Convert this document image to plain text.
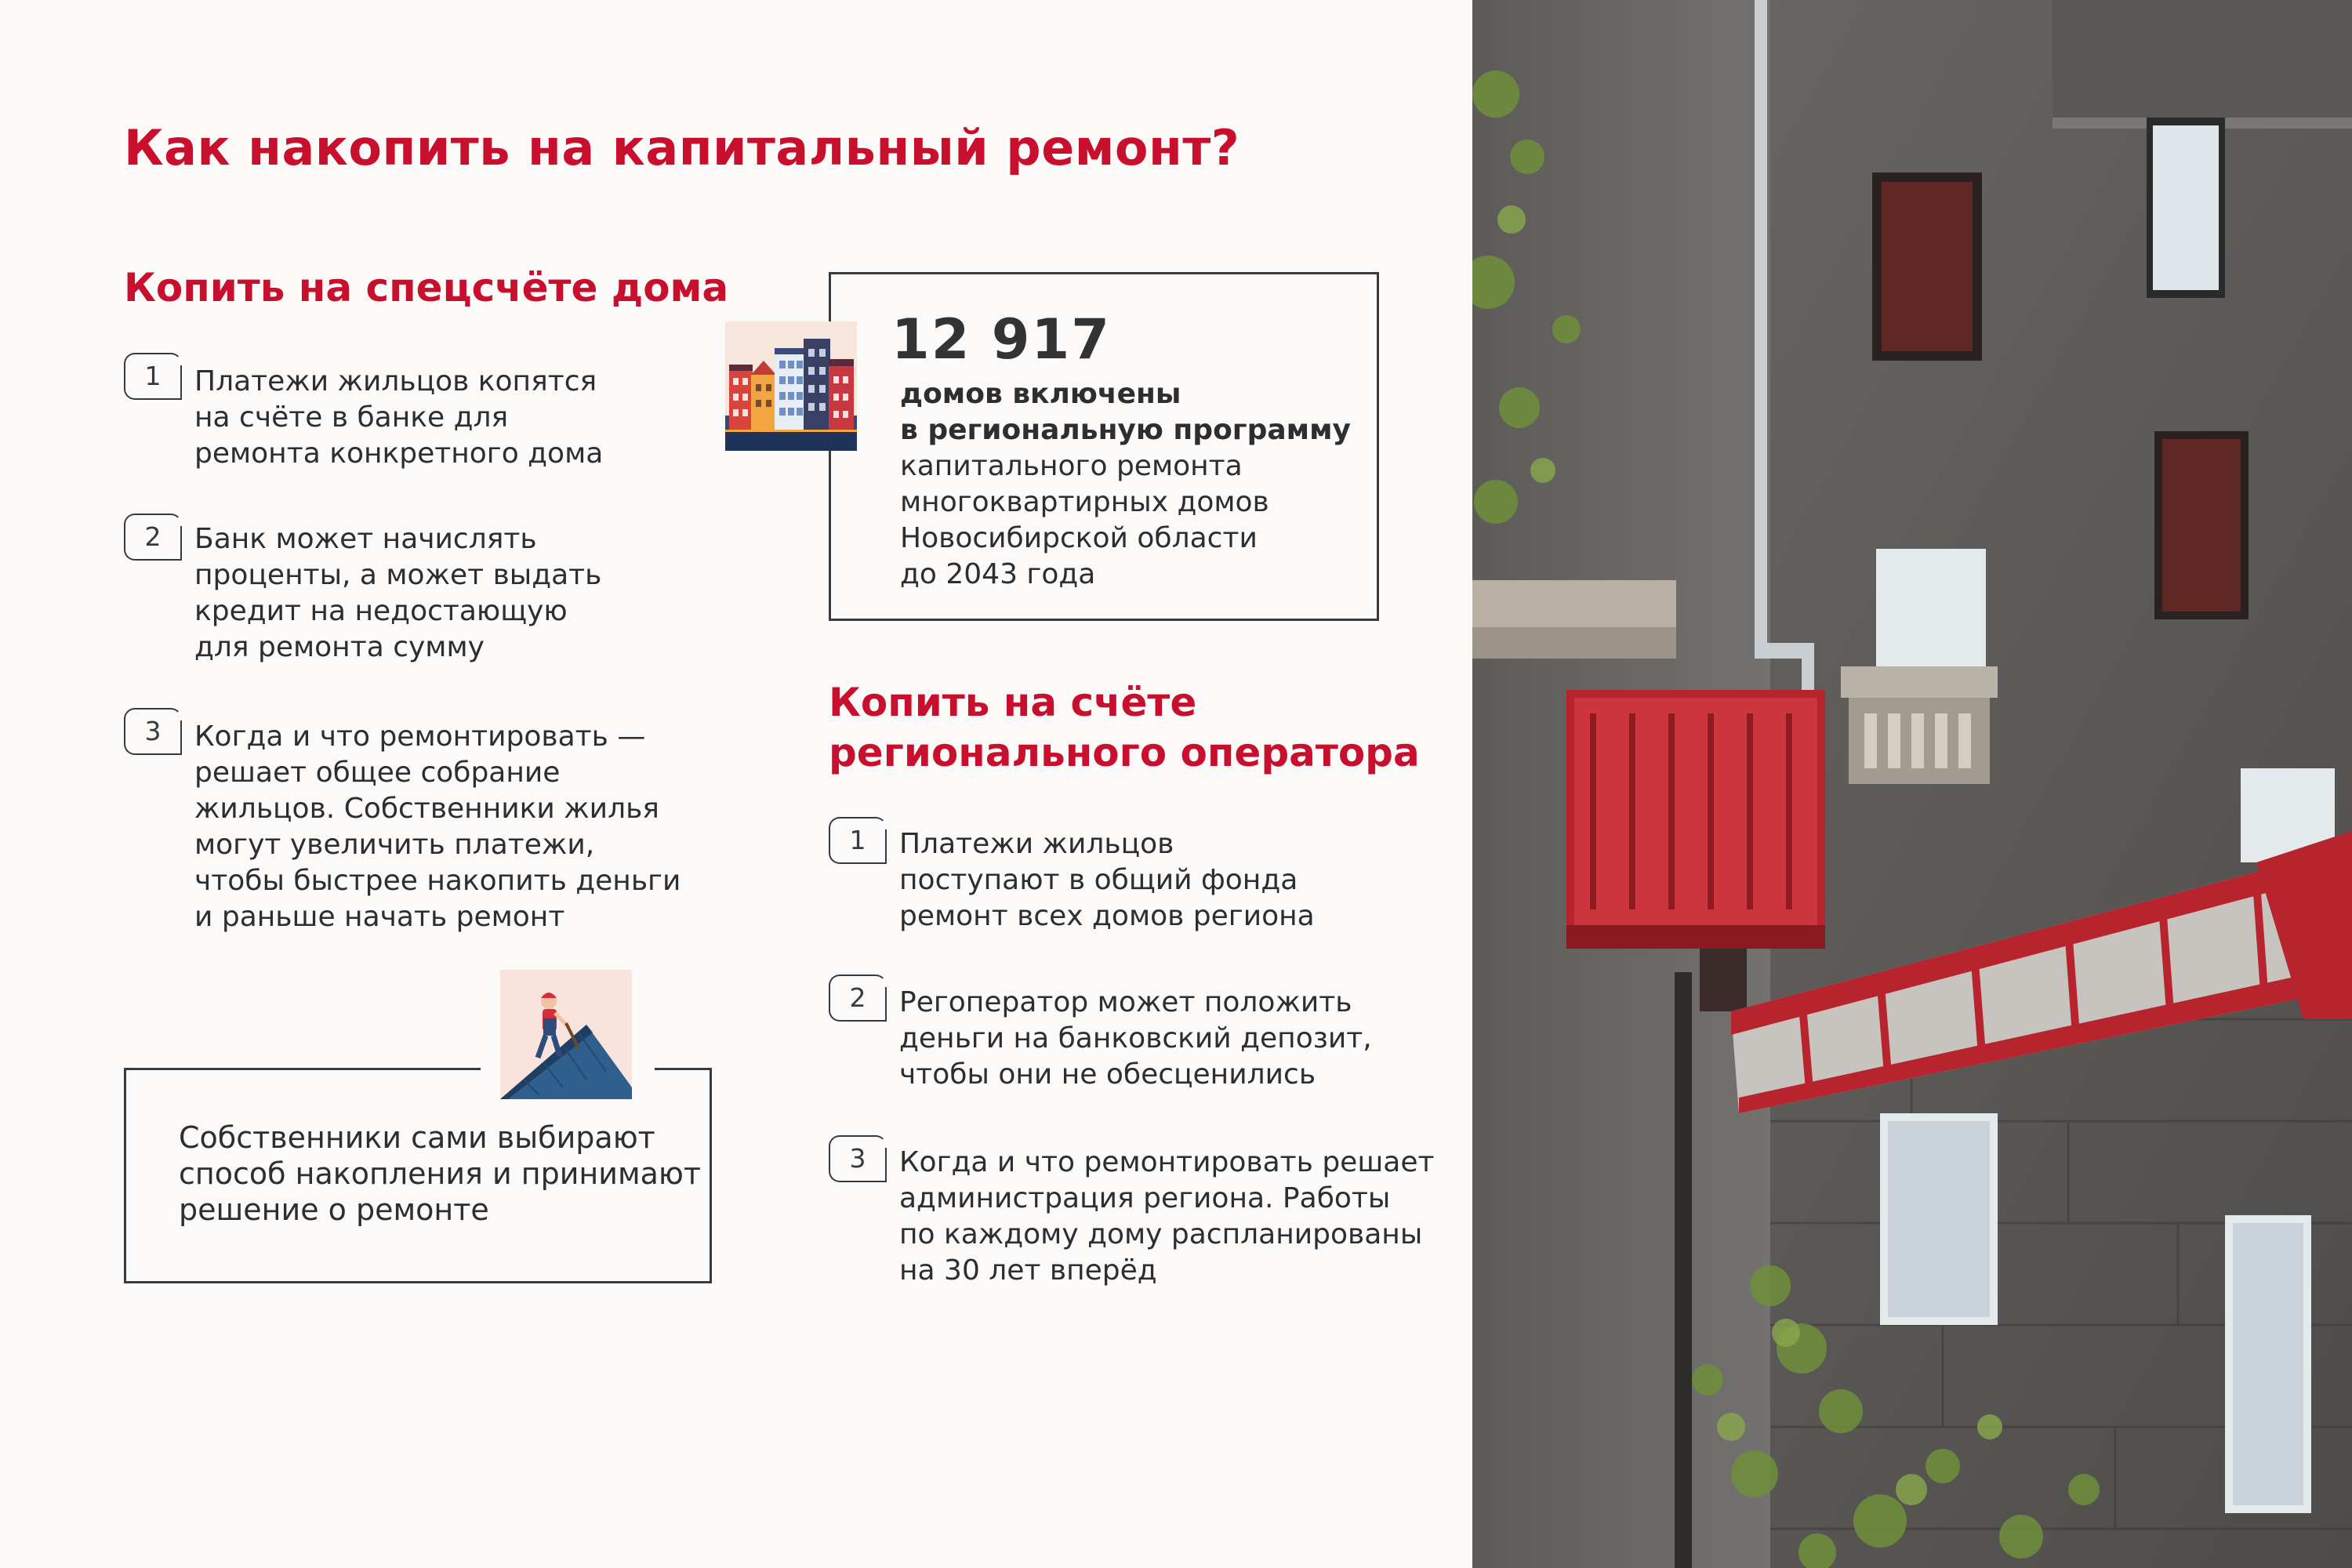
Как накопить на капитальный ремонт?
Копить на спецсчёте дома
1	Платежи жильцов копятся
на счёте в банке для
ремонта конкретного дома
2	Банк может начислять
проценты, а может выдать
кредит на недостающую
для ремонта сумму
3	Когда и что ремонтировать —
решает общее собрание
жильцов. Собственники жилья
могут увеличить платежи,
чтобы быстрее накопить деньги
и раньше начать ремонт
12 917
домов включены
в региональную программу
капитального ремонта
многоквартирных домов
Новосибирской области
до 2043 года
Копить на счёте
регионального оператора
1	Платежи жильцов
поступают в общий фонда
ремонт всех домов региона
2	Регоператор может положить
деньги на банковский депозит,
чтобы они не обесценились
3	Когда и что ремонтировать решает
администрация региона. Работы
по каждому дому распланированы
на 30 лет вперёд
Собственники сами выбирают
способ накопления и принимают
решение о ремонте
